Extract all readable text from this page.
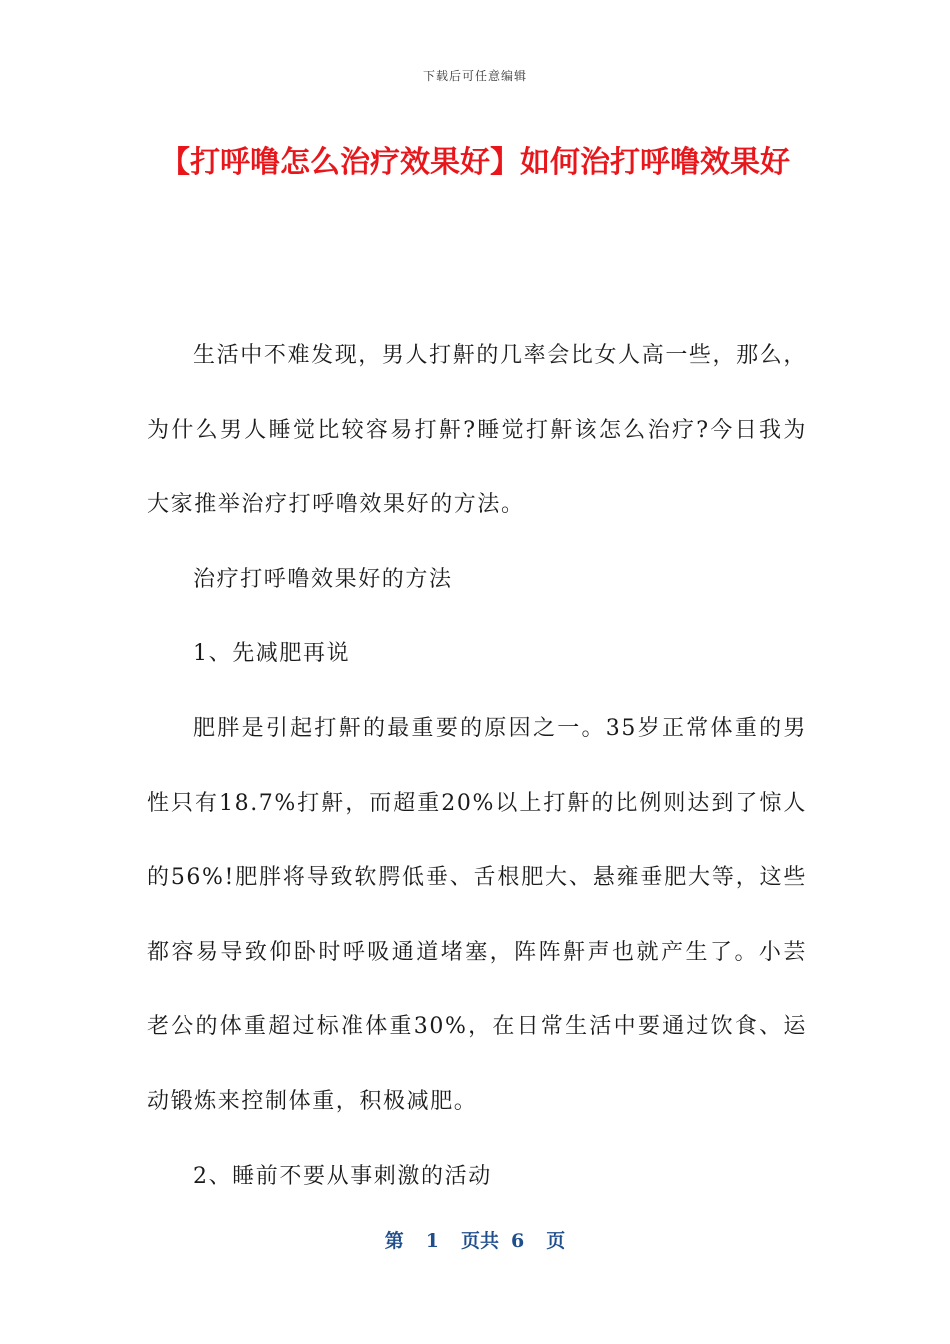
下载后可任意编辑
【打呼噜怎么治疗效果好】如何治打呼噜效果好

生活中不难发现，男人打鼾的几率会比女人高一些，那么，为什么男人睡觉比较容易打鼾?睡觉打鼾该怎么治疗?今日我为大家推举治疗打呼噜效果好的方法。

治疗打呼噜效果好的方法

1、先减肥再说

肥胖是引起打鼾的最重要的原因之一。35岁正常体重的男性只有18.7%打鼾，而超重20%以上打鼾的比例则达到了惊人的56%!肥胖将导致软腭低垂、舌根肥大、悬雍垂肥大等，这些都容易导致仰卧时呼吸通道堵塞，阵阵鼾声也就产生了。小芸老公的体重超过标准体重30%，在日常生活中要通过饮食、运动锻炼来控制体重，积极减肥。

2、睡前不要从事刺激的活动

第 1 页共 6 页
